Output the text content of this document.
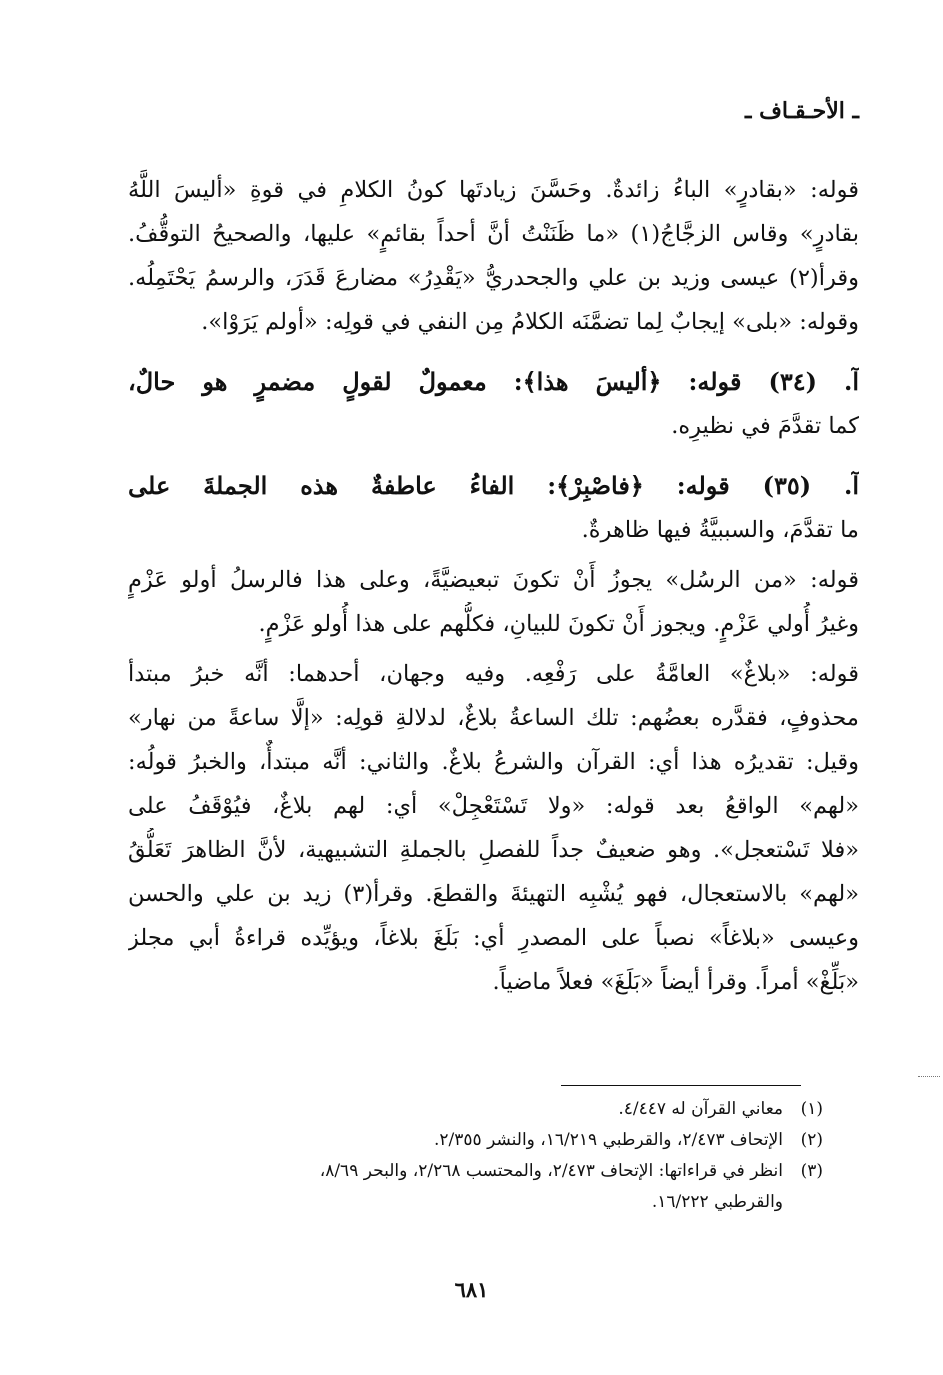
ـ الأحـقـاف ـ
قوله: «بقادرٍ» الباءُ زائدةٌ. وحَسَّنَ زيادتَها كونُ الكلامِ في قوةِ «أليسَ اللَّهُ
بقادرٍ» وقاس الزجَّاجُ(١) «ما ظَنَنْتُ أنَّ أحداً بقائمٍ» عليها، والصحيحُ التوقُّفُ.
وقرأ(٢) عيسى وزيد بن علي والجحدريُّ «يَقْدِرُ» مضارعَ قَدَرَ، والرسمُ يَحْتَمِلُه.
وقوله: «بلى» إيجابٌ لِما تضمَّنَه الكلامُ مِن النفي في قولِه: «أولم يَرَوْا».
آ. (٣٤) قوله: ﴿أليسَ هذا﴾: معمولٌ لقولٍ مضمرٍ هو حالٌ،
كما تقدَّمَ في نظيرِه.
آ. (٣٥) قوله: ﴿فاصْبِرْ﴾: الفاءُ عاطفةٌ هذه الجملةَ على
ما تقدَّمَ، والسببيَّةُ فيها ظاهرةٌ.
قوله: «من الرسُل» يجوزُ أَنْ تكونَ تبعيضيَّةً، وعلى هذا فالرسلُ أولو عَزْمٍ
وغيرُ أُولي عَزْمٍ. ويجوز أَنْ تكونَ للبيانِ، فكلُّهم على هذا أُولو عَزْمٍ.
قوله: «بلاغٌ» العامَّةُ على رَفْعِه. وفيه وجهان، أحدهما: أنَّه خبرُ مبتدأ
محذوفٍ، فقدَّره بعضُهم: تلك الساعةُ بلاغٌ، لدلالةِ قولِه: «إلَّا ساعةً من نهار»
وقيل: تقديرُه هذا أي: القرآن والشرعُ بلاغٌ. والثاني: أنَّه مبتدأٌ، والخبرُ قولُه:
«لهم» الواقعُ بعد قوله: «ولا تَسْتَعْجِلْ» أي: لهم بلاغٌ، فيُوْقَفُ على
«فلا تَسْتعجل». وهو ضعيفٌ جداً للفصلِ بالجملةِ التشبيهية، لأنَّ الظاهرَ تَعَلُّقُ
«لهم» بالاستعجال، فهو يُشْبِه التهيئةَ والقطعَ. وقرأ(٣) زيد بن علي والحسن
وعيسى «بلاغاً» نصباً على المصدرِ أي: بَلَغَ بلاغاً، ويؤيِّده قراءةُ أبي مجلز
«بَلِّغْ» أمراً. وقرأ أيضاً «بَلَغَ» فعلاً ماضياً.
(١)معاني القرآن له ٤/٤٤٧.
(٢)الإتحاف ٢/٤٧٣، والقرطبي ١٦/٢١٩، والنشر ٢/٣٥٥.
(٣)انظر في قراءاتها: الإتحاف ٢/٤٧٣، والمحتسب ٢/٢٦٨، والبحر ٨/٦٩،
والقرطبي ١٦/٢٢٢.
٦٨١
